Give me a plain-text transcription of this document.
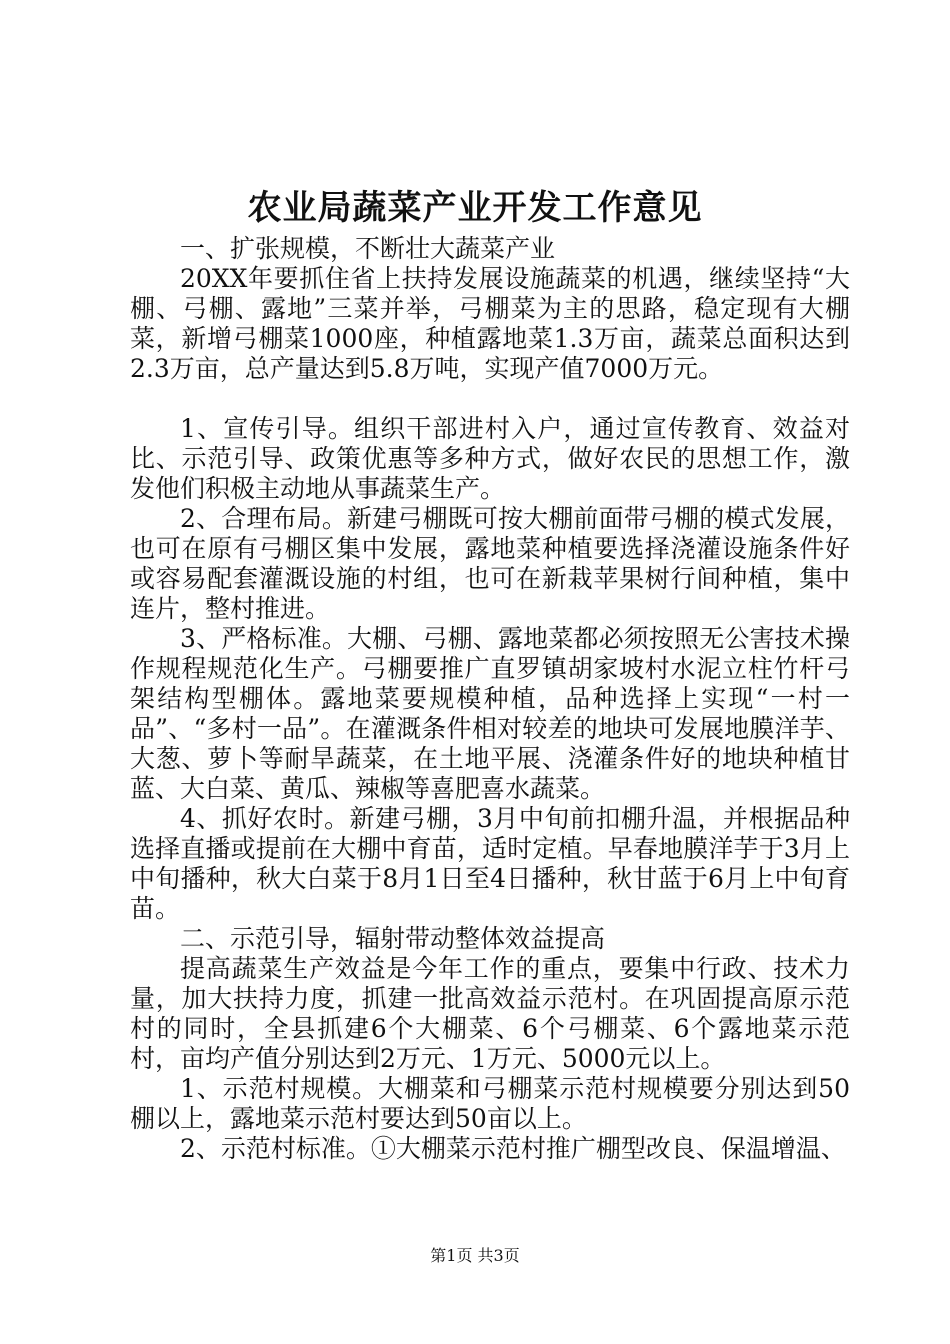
农业局蔬菜产业开发工作意见

一、扩张规模，不断壮大蔬菜产业

20XX年要抓住省上扶持发展设施蔬菜的机遇，继续坚持“大棚、弓棚、露地”三菜并举，弓棚菜为主的思路，稳定现有大棚菜，新增弓棚菜1000座，种植露地菜1.3万亩，蔬菜总面积达到2.3万亩，总产量达到5.8万吨，实现产值7000万元。

1、宣传引导。组织干部进村入户，通过宣传教育、效益对比、示范引导、政策优惠等多种方式，做好农民的思想工作，激发他们积极主动地从事蔬菜生产。

2、合理布局。新建弓棚既可按大棚前面带弓棚的模式发展，也可在原有弓棚区集中发展，露地菜种植要选择浇灌设施条件好或容易配套灌溉设施的村组，也可在新栽苹果树行间种植，集中连片，整村推进。

3、严格标准。大棚、弓棚、露地菜都必须按照无公害技术操作规程规范化生产。弓棚要推广直罗镇胡家坡村水泥立柱竹杆弓架结构型棚体。露地菜要规模种植，品种选择上实现“一村一品”、“多村一品”。在灌溉条件相对较差的地块可发展地膜洋芋、大葱、萝卜等耐旱蔬菜，在土地平展、浇灌条件好的地块种植甘蓝、大白菜、黄瓜、辣椒等喜肥喜水蔬菜。

4、抓好农时。新建弓棚，3月中旬前扣棚升温，并根据品种选择直播或提前在大棚中育苗，适时定植。早春地膜洋芋于3月上中旬播种，秋大白菜于8月1日至4日播种，秋甘蓝于6月上中旬育苗。

二、示范引导，辐射带动整体效益提高

提高蔬菜生产效益是今年工作的重点，要集中行政、技术力量，加大扶持力度，抓建一批高效益示范村。在巩固提高原示范村的同时，全县抓建6个大棚菜、6个弓棚菜、6个露地菜示范村，亩均产值分别达到2万元、1万元、5000元以上。

1、示范村规模。大棚菜和弓棚菜示范村规模要分别达到50棚以上，露地菜示范村要达到50亩以上。

2、示范村标准。①大棚菜示范村推广棚型改良、保温增温、

第1页 共3页
